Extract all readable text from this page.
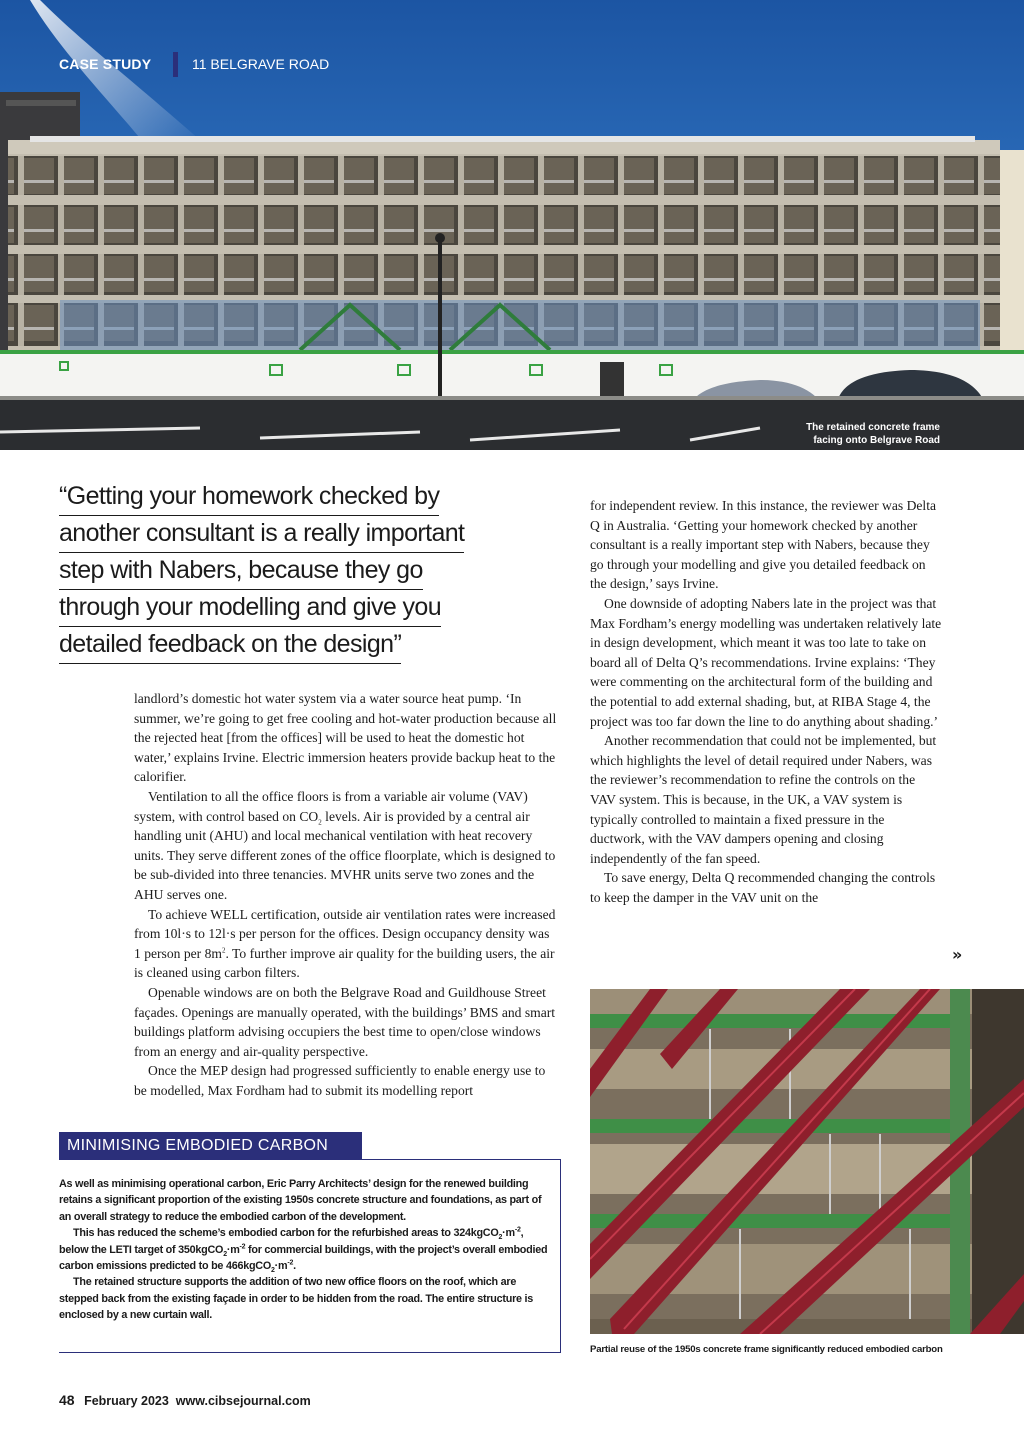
CASE STUDY	11 BELGRAVE ROAD
The retained concrete frame
facing onto Belgrave Road
“Getting your homework checked by
another consultant is a really important
step with Nabers, because they go
through your modelling and give you
detailed feedback on the design”

landlord’s domestic hot water system via a water source heat pump. ‘In summer, we’re going to get free cooling and hot-water production because all the rejected heat [from the offices] will be used to heat the domestic hot water,’ explains Irvine. Electric immersion heaters provide backup heat to the calorifier.

Ventilation to all the office floors is from a variable air volume (VAV) system, with control based on $CO_2$ levels. Air is provided by a central air handling unit (AHU) and local mechanical ventilation with heat recovery units. They serve different zones of the office floorplate, which is designed to be sub-divided into three tenancies. MVHR units serve two zones and the AHU serves one.

To achieve WELL certification, outside air ventilation rates were increased from 10l·s to 12l·s per person for the offices. Design occupancy density was 1 person per $8m^2$. To further improve air quality for the building users, the air is cleaned using carbon filters.

Openable windows are on both the Belgrave Road and Guildhouse Street façades. Openings are manually operated, with the buildings’ BMS and smart buildings platform advising occupiers the best time to open/close windows from an energy and air-quality perspective.

Once the MEP design had progressed sufficiently to enable energy use to be modelled, Max Fordham had to submit its modelling report

for independent review. In this instance, the reviewer was Delta Q in Australia. ‘Getting your homework checked by another consultant is a really important step with Nabers, because they go through your modelling and give you detailed feedback on the design,’ says Irvine.

One downside of adopting Nabers late in the project was that Max Fordham’s energy modelling was undertaken relatively late in design development, which meant it was too late to take on board all of Delta Q’s recommendations. Irvine explains: ‘They were commenting on the architectural form of the building and the potential to add external shading, but, at RIBA Stage 4, the project was too far down the line to do anything about shading.’

Another recommendation that could not be implemented, but which highlights the level of detail required under Nabers, was the reviewer’s recommendation to refine the controls on the VAV system. This is because, in the UK, a VAV system is typically controlled to maintain a fixed pressure in the ductwork, with the VAV dampers opening and closing independently of the fan speed.

To save energy, Delta Q recommended changing the controls to keep the damper in the VAV unit on the

»
Partial reuse of the 1950s concrete frame significantly reduced embodied carbon
MINIMISING EMBODIED CARBON

As well as minimising operational carbon, Eric Parry Architects’ design for the renewed building retains a significant proportion of the existing 1950s concrete structure and foundations, as part of an overall strategy to reduce the embodied carbon of the development.

This has reduced the scheme’s embodied carbon for the refurbished areas to $324kgCO_2\cdot m^{-2}$, below the LETI target of $350kgCO_2\cdot m^{-2}$ for commercial buildings, with the project’s overall embodied carbon emissions predicted to be $466kgCO_2\cdot m^{-2}$.

The retained structure supports the addition of two new office floors on the roof, which are stepped back from the existing façade in order to be hidden from the road. The entire structure is enclosed by a new curtain wall.

48 February 2023 www.cibsejournal.com
